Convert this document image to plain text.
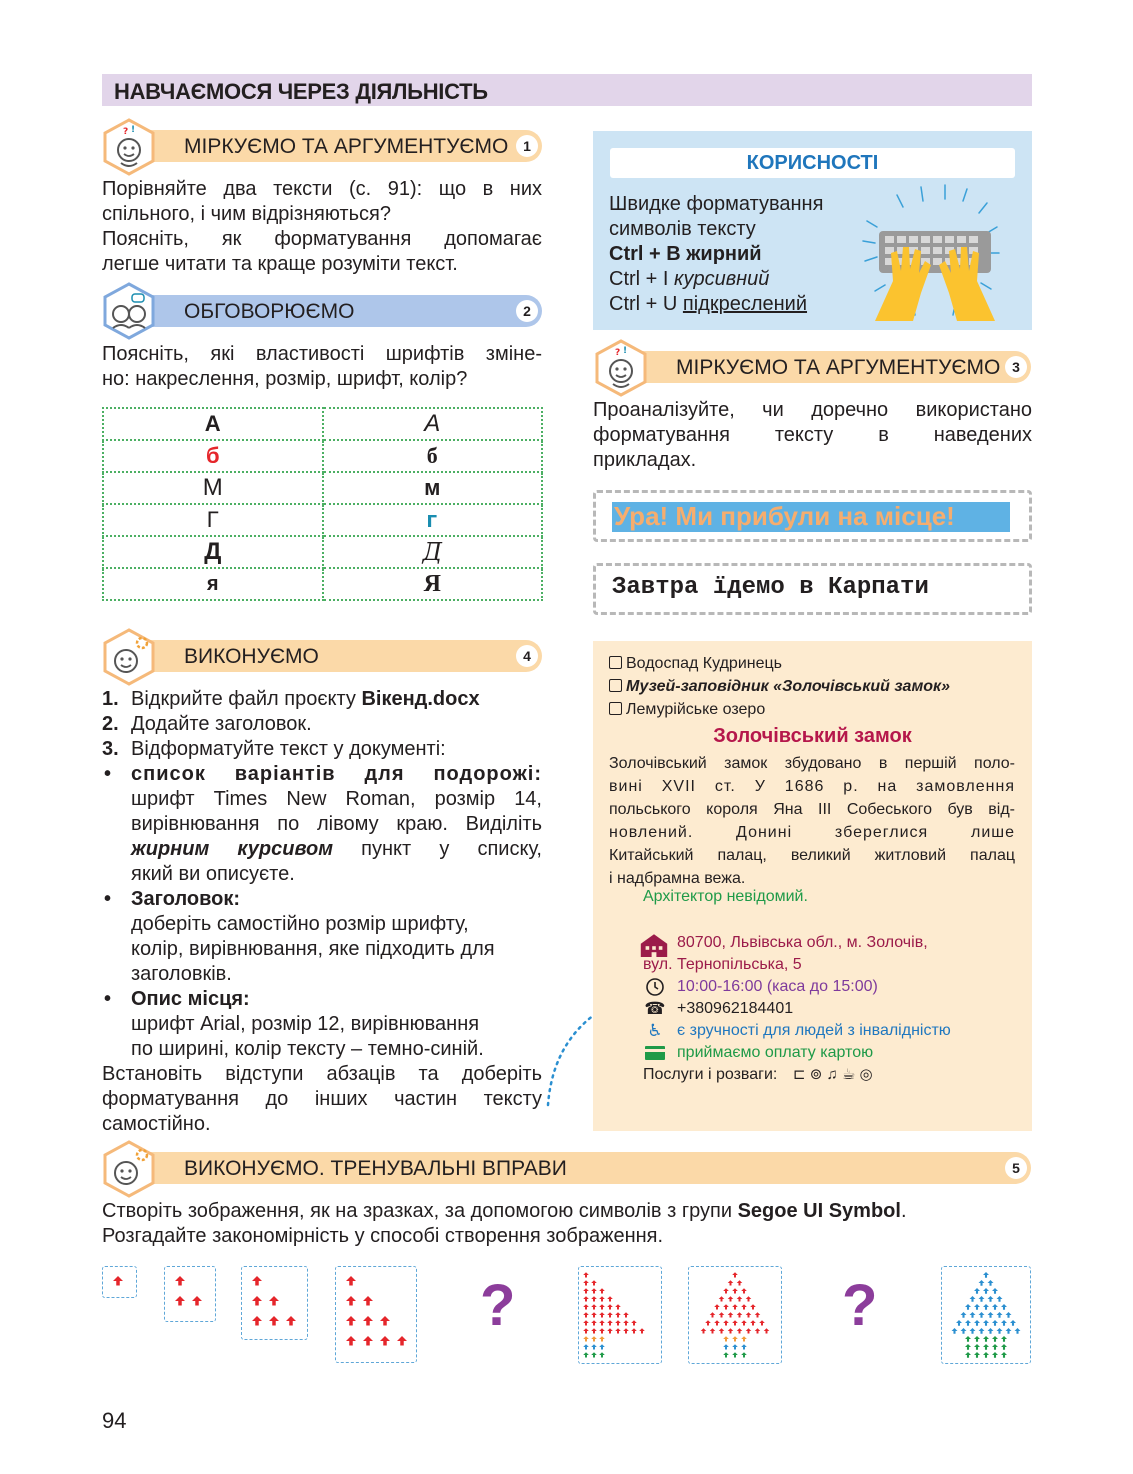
НАВЧАЄМОСЯ ЧЕРЕЗ ДІЯЛЬНІСТЬ
МІРКУЄМО ТА АРГУМЕНТУЄМО	1
? !
Порівняйте два тексти (с. 91): що в них
спільного, і чим відрізняються?
Поясніть, як форматування допомагає
легше читати та краще розуміти текст.
ОБГОВОРЮЄМО	2
Поясніть, які властивості шрифтів змінe-
но: накреслення, розмір, шрифт, колір?
А	А
б	б
М	м
Г	г
Д	Д
я	Я
КОРИСНОСТІ
Швидке форматування
символів тексту
Ctrl + B жирний
Ctrl + I курсивний
Ctrl + U підкреслений
МІРКУЄМО ТА АРГУМЕНТУЄМО 3
? !
Проаналізуйте, чи доречно використано
форматування тексту в наведених
прикладах.
Ура! Ми прибули на місце!
Завтра їдемо в Карпати
ВИКОНУЄМО	4
1. Відкрийте файл проєкту Вікенд.docx
2. Додайте заголовок.
3. Відформатуйте текст у документі:
• список варіантів для подорожі:
шрифт Times New Roman, розмір 14,
вирівнювання по лівому краю. Виділіть
жирним курсивом пункт у списку,
який ви описуєте.
• Заголовок:
доберіть самостійно розмір шрифту,
колір, вирівнювання, яке підходить для
заголовків.
• Опис місця:
шрифт Arial, розмір 12, вирівнювання
по ширині, колір тексту – темно-синій.
Встановіть відступи абзаців та доберіть
форматування до інших частин тексту
самостійно.
Водоспад Кудринець
Музей-заповідник «Золочівський замок»
Лемурійське озеро
Золочівський замок
Золочівський замок збудовано в першій поло-
вині XVII ст. У 1686 р. на замовлення
польського короля Яна III Собеського був від-
новлений. Донині збереглися лише
Китайський палац, великий житловий палац
і надбрамна вежа.
Архітектор невідомий.
80700, Львівська обл., м. Золочів,
вул. Тернопільська, 5
10:00-16:00 (каса до 15:00)
☎ +380962184401
♿ є зручності для людей з інвалідністю
приймаємо оплату картою
Послуги і розваги: ⊏ ⊚ ♫ ☕ ◎
ВИКОНУЄМО. ТРЕНУВАЛЬНІ ВПРАВИ	5
Створіть зображення, як на зразках, за допомогою символів з групи Segoe UI Symbol.
Розгадайте закономірність у способі створення зображення.
?	?
94
